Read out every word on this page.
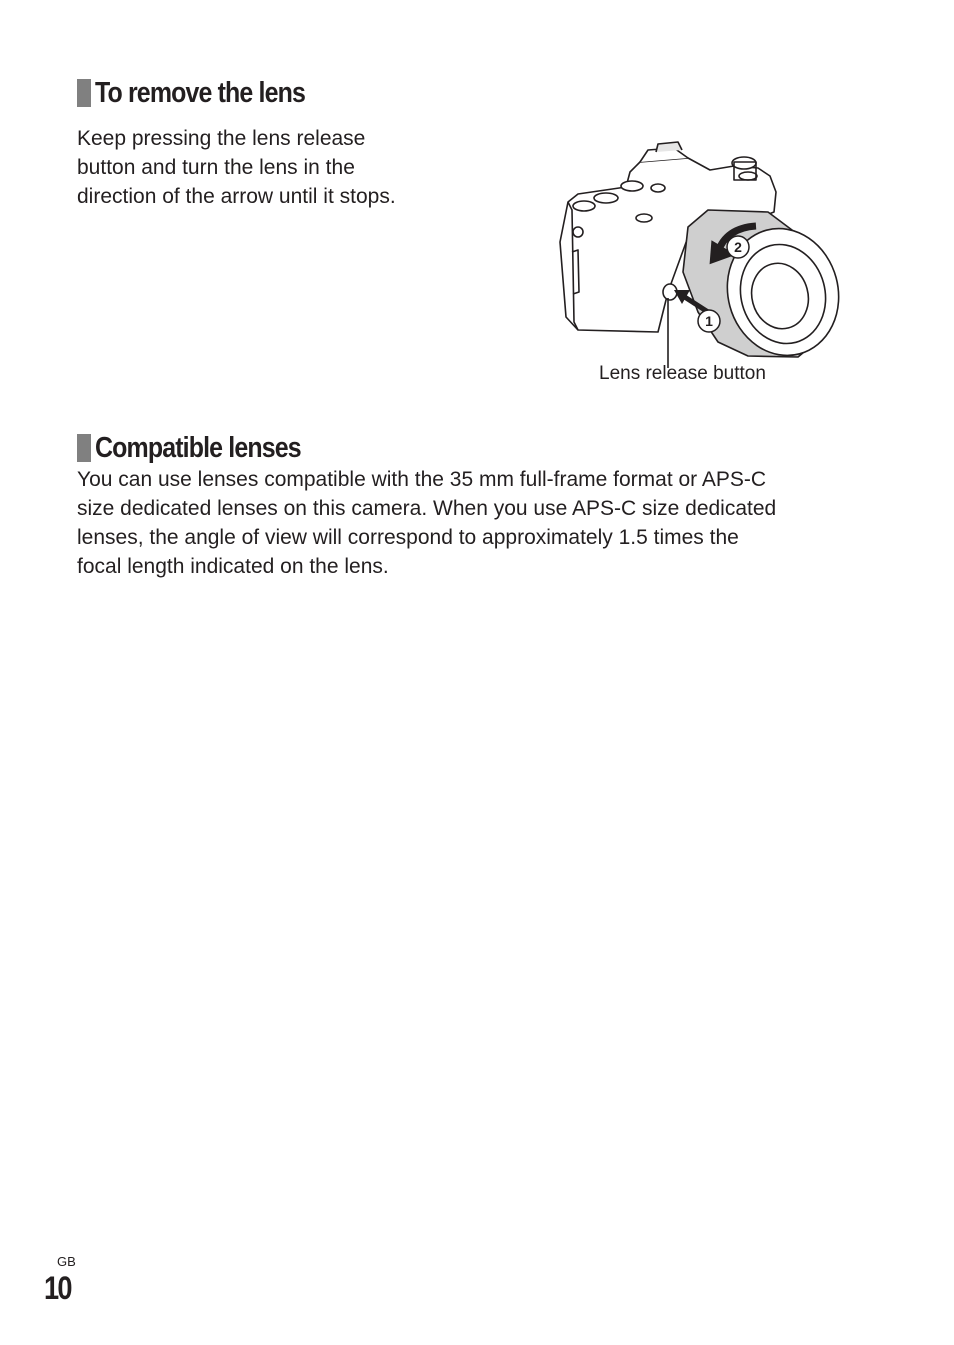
To remove the lens

Keep pressing the lens release
button and turn the lens in the
direction of the arrow until it stops.

2
1
Lens release button
Compatible lenses

You can use lenses compatible with the 35 mm full-frame format or APS-C
size dedicated lenses on this camera. When you use APS-C size dedicated
lenses, the angle of view will correspond to approximately 1.5 times the
focal length indicated on the lens.

GB
10
